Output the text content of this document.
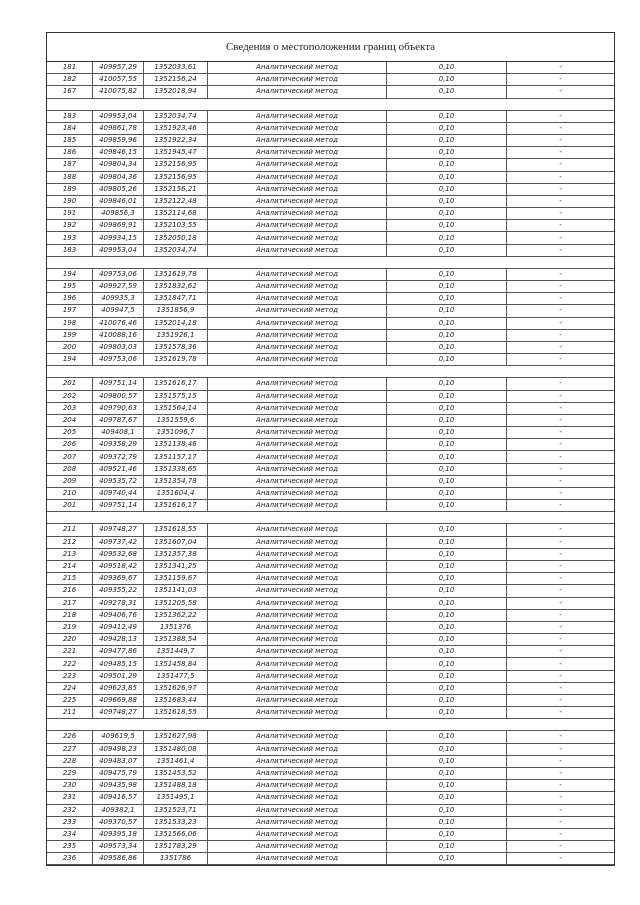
Сведения о местоположении границ объекта
181	409957,29	1352033,61	Аналитический метод	0,10	-
182	410057,55	1352156,24	Аналитический метод	0,10	-
167	410075,82	1352018,94	Аналитический метод	0,10	-

183	409953,04	1352034,74	Аналитический метод	0,10	-
184	409861,78	1351923,46	Аналитический метод	0,10	-
185	409859,96	1351922,34	Аналитический метод	0,10	-
186	409846,15	1351945,47	Аналитический метод	0,10	-
187	409804,34	1352156,95	Аналитический метод	0,10	-
188	409804,36	1352156,95	Аналитический метод	0,10	-
189	409805,26	1352156,21	Аналитический метод	0,10	-
190	409846,01	1352122,48	Аналитический метод	0,10	-
191	409856,3	1352114,68	Аналитический метод	0,10	-
192	409869,91	1352103,55	Аналитический метод	0,10	-
193	409934,15	1352050,18	Аналитический метод	0,10	-
183	409953,04	1352034,74	Аналитический метод	0,10	-

194	409753,06	1351619,78	Аналитический метод	0,10	-
195	409927,59	1351832,62	Аналитический метод	0,10	-
196	409935,3	1351847,71	Аналитический метод	0,10	-
197	409947,5	1351856,9	Аналитический метод	0,10	-
198	410076,46	1352014,18	Аналитический метод	0,10	-
199	410088,16	1351926,1	Аналитический метод	0,10	-
200	409803,03	1351578,36	Аналитический метод	0,10	-
194	409753,06	1351619,78	Аналитический метод	0,10	-

201	409751,14	1351616,17	Аналитический метод	0,10	-
202	409800,57	1351575,15	Аналитический метод	0,10	-
203	409790,63	1351564,14	Аналитический метод	0,10	-
204	409787,67	1351559,6	Аналитический метод	0,10	-
205	409408,1	1351096,7	Аналитический метод	0,10	-
206	409358,29	1351138,46	Аналитический метод	0,10	-
207	409372,79	1351157,17	Аналитический метод	0,10	-
208	409521,46	1351338,65	Аналитический метод	0,10	-
209	409535,72	1351354,78	Аналитический метод	0,10	-
210	409740,44	1351604,4	Аналитический метод	0,10	-
201	409751,14	1351616,17	Аналитический метод	0,10	-

211	409748,27	1351618,55	Аналитический метод	0,10	-
212	409737,42	1351607,04	Аналитический метод	0,10	-
213	409532,68	1351357,38	Аналитический метод	0,10	-
214	409518,42	1351341,25	Аналитический метод	0,10	-
215	409369,67	1351159,67	Аналитический метод	0,10	-
216	409355,22	1351141,03	Аналитический метод	0,10	-
217	409278,31	1351205,58	Аналитический метод	0,10	-
218	409406,76	1351362,22	Аналитический метод	0,10	-
219	409412,49	1351376	Аналитический метод	0,10	-
220	409428,13	1351388,54	Аналитический метод	0,10	-
221	409477,86	1351449,7	Аналитический метод	0,10	-
222	409485,15	1351458,84	Аналитический метод	0,10	-
223	409501,29	1351477,5	Аналитический метод	0,10	-
224	409623,85	1351626,97	Аналитический метод	0,10	-
225	409669,88	1351683,44	Аналитический метод	0,10	-
211	409748,27	1351618,55	Аналитический метод	0,10	-

226	409619,5	1351627,98	Аналитический метод	0,10	-
227	409498,23	1351480,08	Аналитический метод	0,10	-
228	409483,07	1351461,4	Аналитический метод	0,10	-
229	409475,79	1351453,52	Аналитический метод	0,10	-
230	409435,98	1351488,18	Аналитический метод	0,10	-
231	409416,57	1351495,1	Аналитический метод	0,10	-
232	409382,1	1351523,71	Аналитический метод	0,10	-
233	409370,57	1351533,23	Аналитический метод	0,10	-
234	409395,18	1351566,06	Аналитический метод	0,10	-
235	409573,34	1351783,29	Аналитический метод	0,10	-
236	409586,86	1351786	Аналитический метод	0,10	-
